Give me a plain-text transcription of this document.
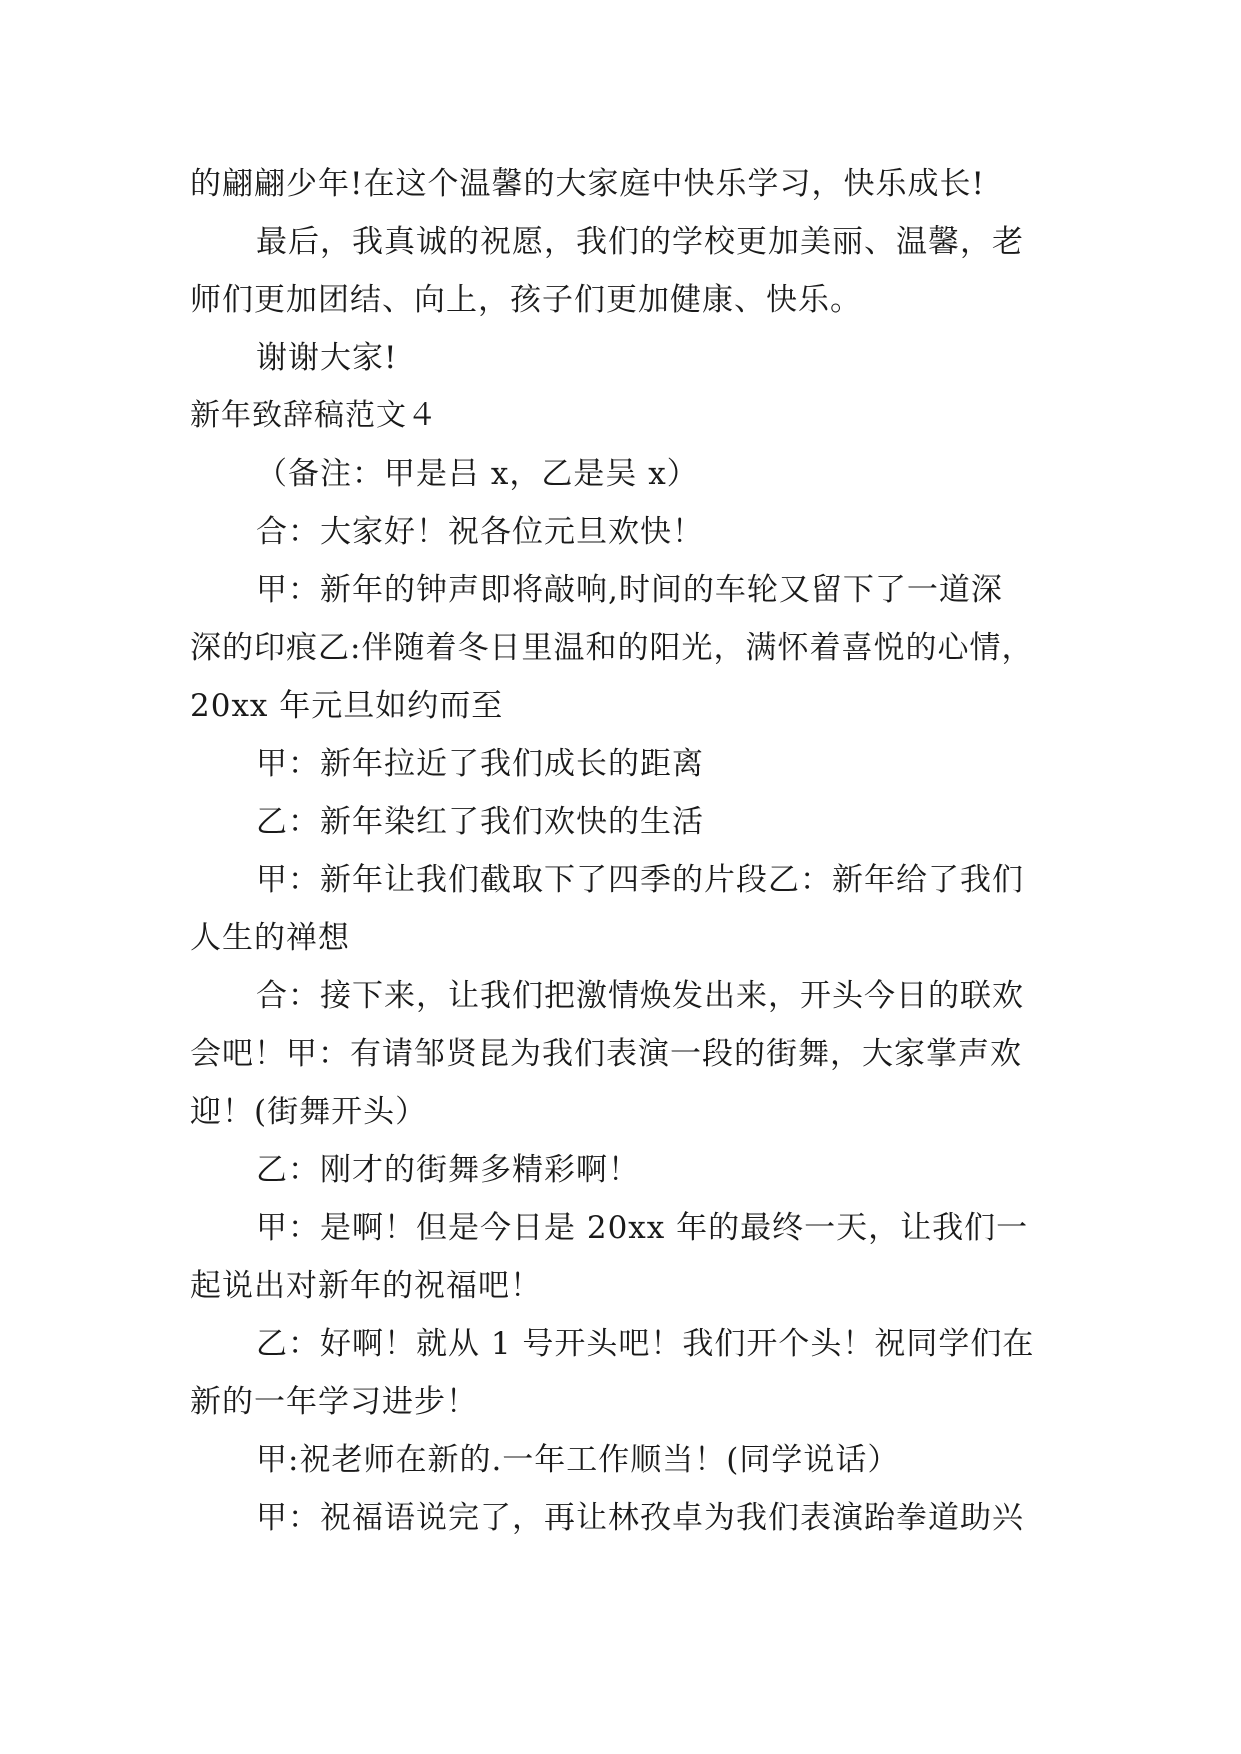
的翩翩少年!在这个温馨的大家庭中快乐学习，快乐成长!
最后，我真诚的祝愿，我们的学校更加美丽、温馨，老
师们更加团结、向上，孩子们更加健康、快乐。
谢谢大家!
新年致辞稿范文４
（备注：甲是吕 x，乙是吴 x）
合：大家好！祝各位元旦欢快！
甲：新年的钟声即将敲响,时间的车轮又留下了一道深
深的印痕乙:伴随着冬日里温和的阳光，满怀着喜悦的心情，
20xx 年元旦如约而至
甲：新年拉近了我们成长的距离
乙：新年染红了我们欢快的生活
甲：新年让我们截取下了四季的片段乙：新年给了我们
人生的禅想
合：接下来，让我们把激情焕发出来，开头今日的联欢
会吧！甲：有请邹贤昆为我们表演一段的街舞，大家掌声欢
迎！(街舞开头）
乙：刚才的街舞多精彩啊！
甲：是啊！但是今日是 20xx 年的最终一天，让我们一
起说出对新年的祝福吧！
乙：好啊！就从 1 号开头吧！我们开个头！祝同学们在
新的一年学习进步！
甲:祝老师在新的.一年工作顺当！(同学说话）
甲：祝福语说完了，再让林孜卓为我们表演跆拳道助兴
